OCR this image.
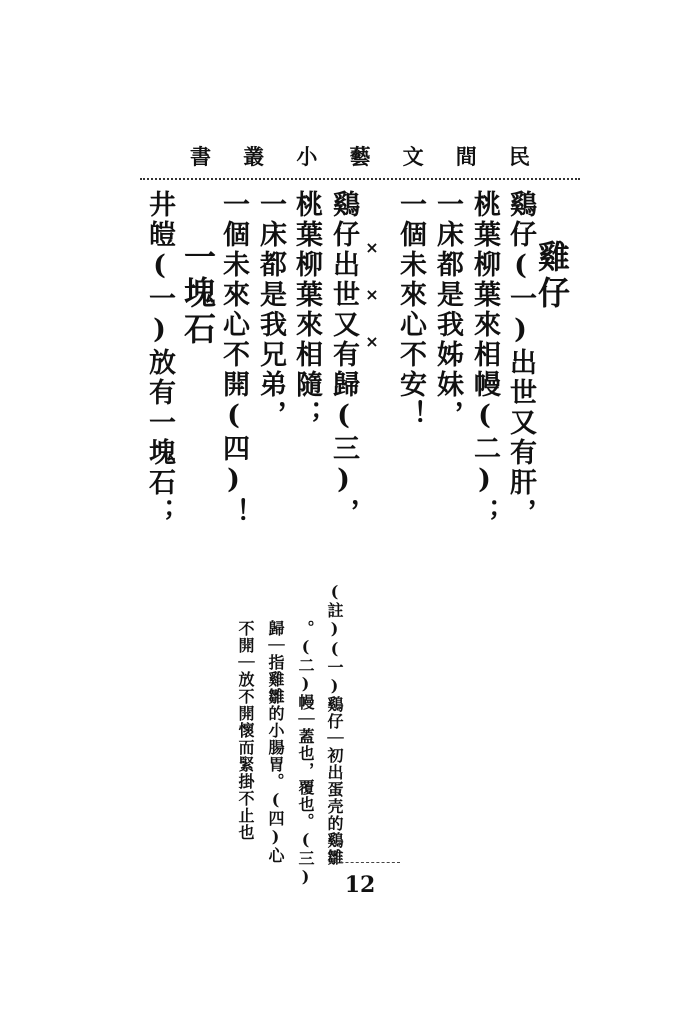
民
間
文
藝
小
叢
書
雞仔
鷄仔(一)出世又有肝，
桃葉柳葉來相幔(二)；
一床都是我姊妹，
一個未來心不安！
×
×
×
鷄仔出世又有歸(三)，
桃葉柳葉來相隨；
一床都是我兄弟，
一個未來心不開(四)！
一塊石
井皚(一)放有一塊石；
(註)(一)鷄仔｜初出蛋壳的鷄雛
。(二)幔｜蓋也，覆也。(三)
歸｜指雞雛的小腸胃。(四)心
不開｜放不開懷而緊掛不止也
12
